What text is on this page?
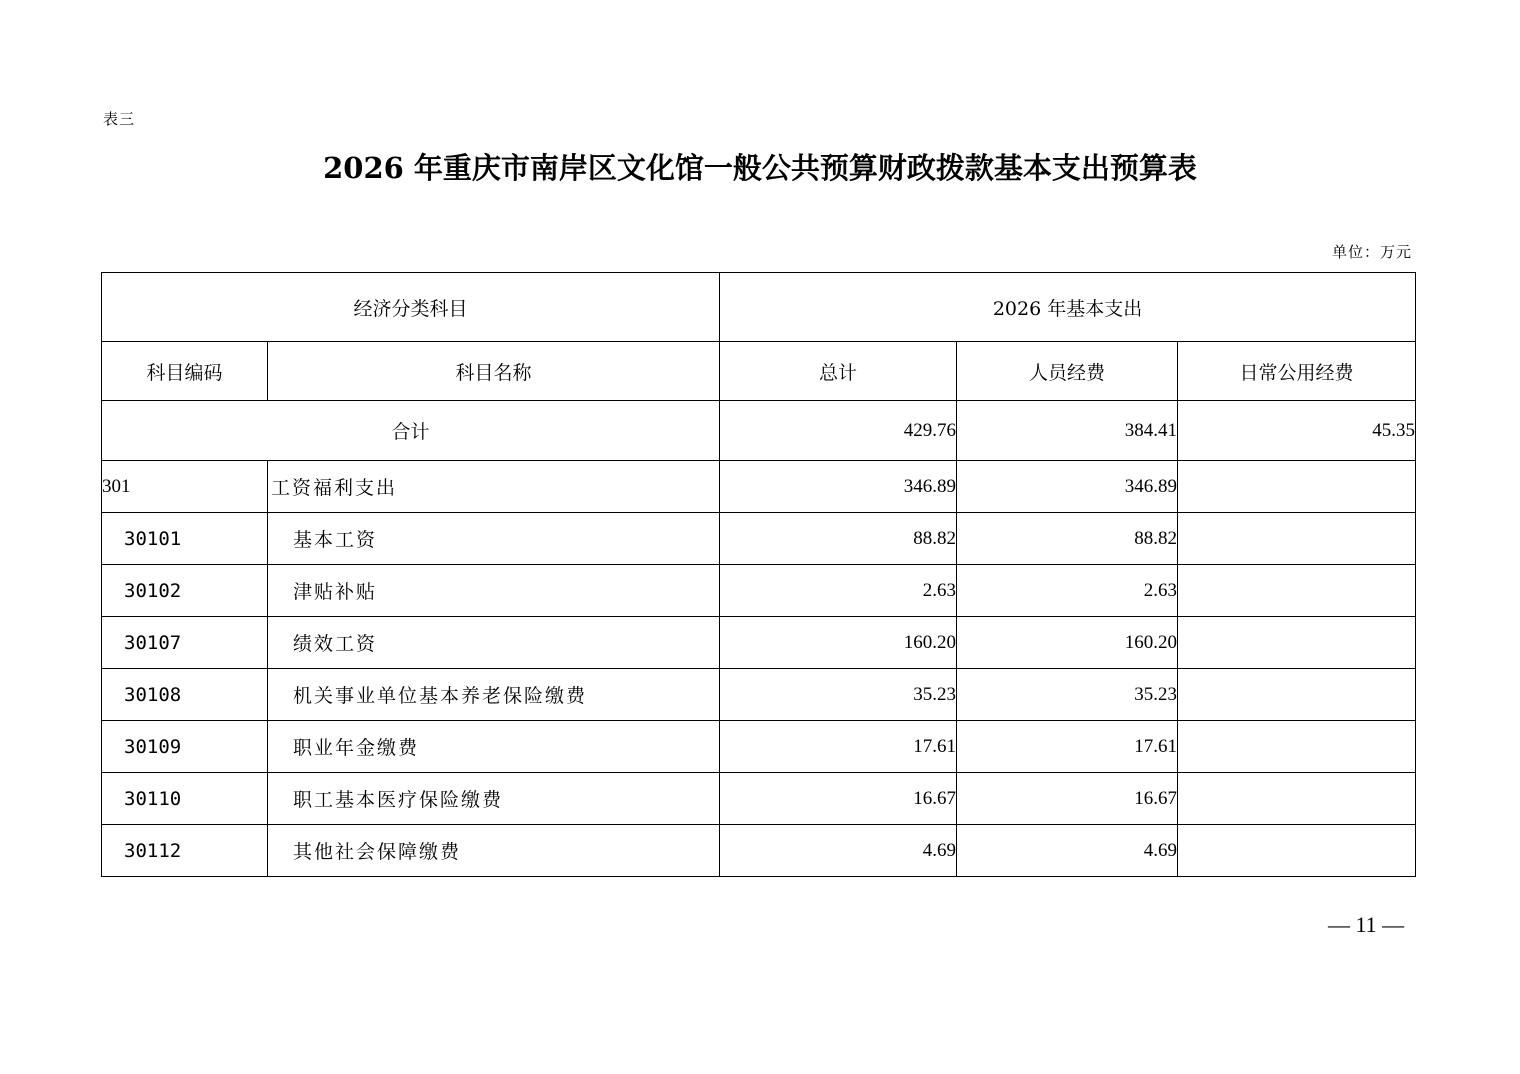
表三
2026 年重庆市南岸区文化馆一般公共预算财政拨款基本支出预算表
单位：万元
经济分类科目		2026 年基本支出		
科目编码	科目名称	总计	人员经费	日常公用经费
合计		429.76	384.41	45.35
301	工资福利支出	346.89	346.89	
30101	基本工资	88.82	88.82	
30102	津贴补贴	2.63	2.63	
30107	绩效工资	160.20	160.20	
30108	机关事业单位基本养老保险缴费	35.23	35.23	
30109	职业年金缴费	17.61	17.61	
30110	职工基本医疗保险缴费	16.67	16.67	
30112	其他社会保障缴费	4.69	4.69	
— 11 —
